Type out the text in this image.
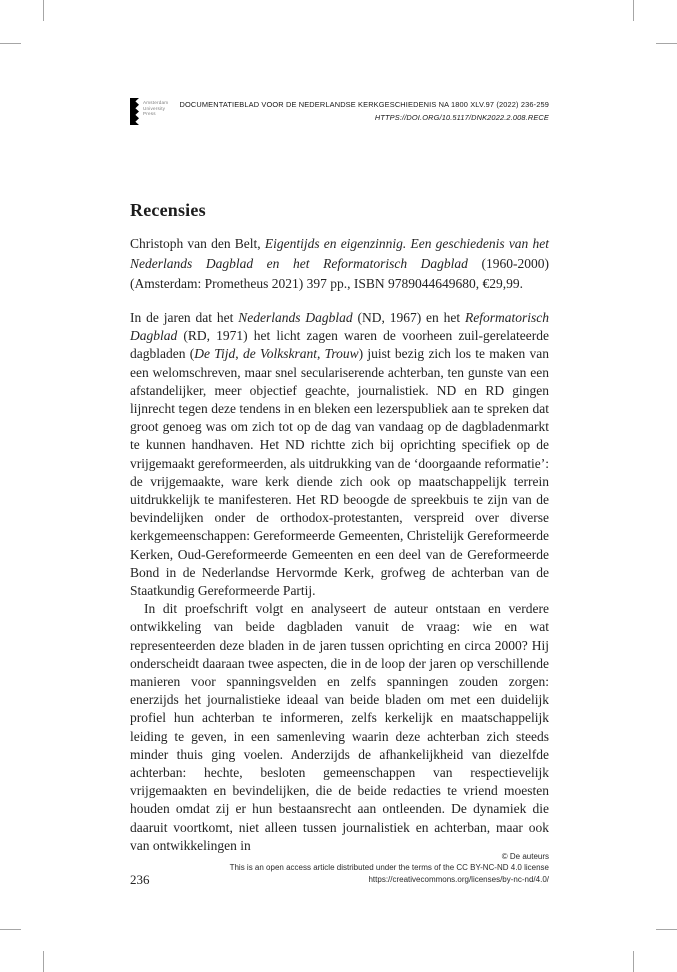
Amsterdam
University
Press
DOCUMENTATIEBLAD VOOR DE NEDERLANDSE KERKGESCHIEDENIS NA 1800 XLV.97 (2022) 236-259
HTTPS://DOI.ORG/10.5117/DNK2022.2.008.RECE
Recensies

Christoph van den Belt, Eigentijds en eigenzinnig. Een geschiedenis van het Nederlands Dagblad en het Reformatorisch Dagblad (1960-2000) (Amsterdam: Prometheus 2021) 397 pp., ISBN 9789044649680, €29,99.

In de jaren dat het Nederlands Dagblad (ND, 1967) en het Reformatorisch Dagblad (RD, 1971) het licht zagen waren de voorheen zuil-gerelateerde dagbladen (De Tijd, de Volkskrant, Trouw) juist bezig zich los te maken van een welomschreven, maar snel seculariserende achterban, ten gunste van een afstandelijker, meer objectief geachte, journalistiek. ND en RD gingen lijnrecht tegen deze tendens in en bleken een lezerspubliek aan te spreken dat groot genoeg was om zich tot op de dag van vandaag op de dagbladenmarkt te kunnen handhaven. Het ND richtte zich bij oprichting specifiek op de vrijgemaakt gereformeerden, als uitdrukking van de ‘doorgaande reformatie’: de vrijgemaakte, ware kerk diende zich ook op maatschappelijk terrein uitdrukkelijk te manifesteren. Het RD beoogde de spreekbuis te zijn van de bevindelijken onder de orthodox-protestanten, verspreid over diverse kerkgemeenschappen: Gereformeerde Gemeenten, Christelijk Gereformeerde Kerken, Oud-Gereformeerde Gemeenten en een deel van de Gereformeerde Bond in de Nederlandse Hervormde Kerk, grofweg de achterban van de Staatkundig Gereformeerde Partij.

In dit proefschrift volgt en analyseert de auteur ontstaan en verdere ontwikkeling van beide dagbladen vanuit de vraag: wie en wat representeerden deze bladen in de jaren tussen oprichting en circa 2000? Hij onderscheidt daaraan twee aspecten, die in de loop der jaren op verschillende manieren voor spanningsvelden en zelfs spanningen zouden zorgen: enerzijds het journalistieke ideaal van beide bladen om met een duidelijk profiel hun achterban te informeren, zelfs kerkelijk en maatschappelijk leiding te geven, in een samenleving waarin deze achterban zich steeds minder thuis ging voelen. Anderzijds de afhankelijkheid van diezelfde achterban: hechte, besloten gemeenschappen van respectievelijk vrijgemaakten en bevindelijken, die de beide redacties te vriend moesten houden omdat zij er hun bestaansrecht aan ontleenden. De dynamiek die daaruit voortkomt, niet alleen tussen journalistiek en achterban, maar ook van ontwikkelingen in

© De auteurs
This is an open access article distributed under the terms of the CC BY-NC-ND 4.0 license
https://creativecommons.org/licenses/by-nc-nd/4.0/
236
